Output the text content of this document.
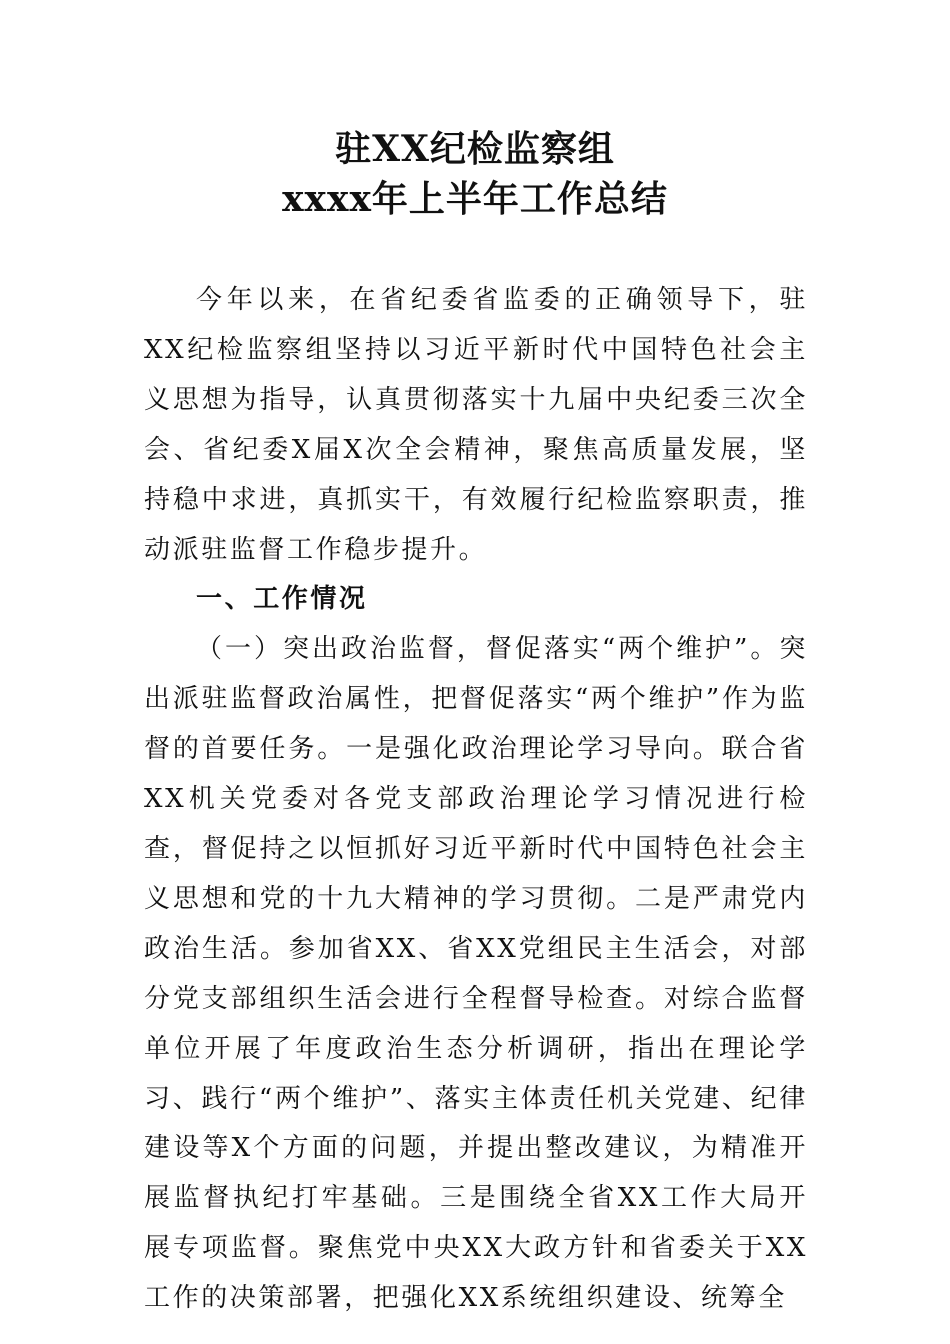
驻XX纪检监察组
xxxx年上半年工作总结

今年以来，在省纪委省监委的正确领导下，驻XX纪检监察组坚持以习近平新时代中国特色社会主义思想为指导，认真贯彻落实十九届中央纪委三次全会、省纪委X届X次全会精神，聚焦高质量发展，坚持稳中求进，真抓实干，有效履行纪检监察职责，推动派驻监督工作稳步提升。

一、工作情况

（一）突出政治监督，督促落实“两个维护”。突出派驻监督政治属性，把督促落实“两个维护”作为监督的首要任务。一是强化政治理论学习导向。联合省XX机关党委对各党支部政治理论学习情况进行检查，督促持之以恒抓好习近平新时代中国特色社会主义思想和党的十九大精神的学习贯彻。二是严肃党内政治生活。参加省XX、省XX党组民主生活会，对部分党支部组织生活会进行全程督导检查。对综合监督单位开展了年度政治生态分析调研，指出在理论学习、践行“两个维护”、落实主体责任机关党建、纪律建设等X个方面的问题，并提出整改建议，为精准开展监督执纪打牢基础。三是围绕全省XX工作大局开展专项监督。聚焦党中央XX大政方针和省委关于XX工作的决策部署，把强化XX系统组织建设、统筹全
